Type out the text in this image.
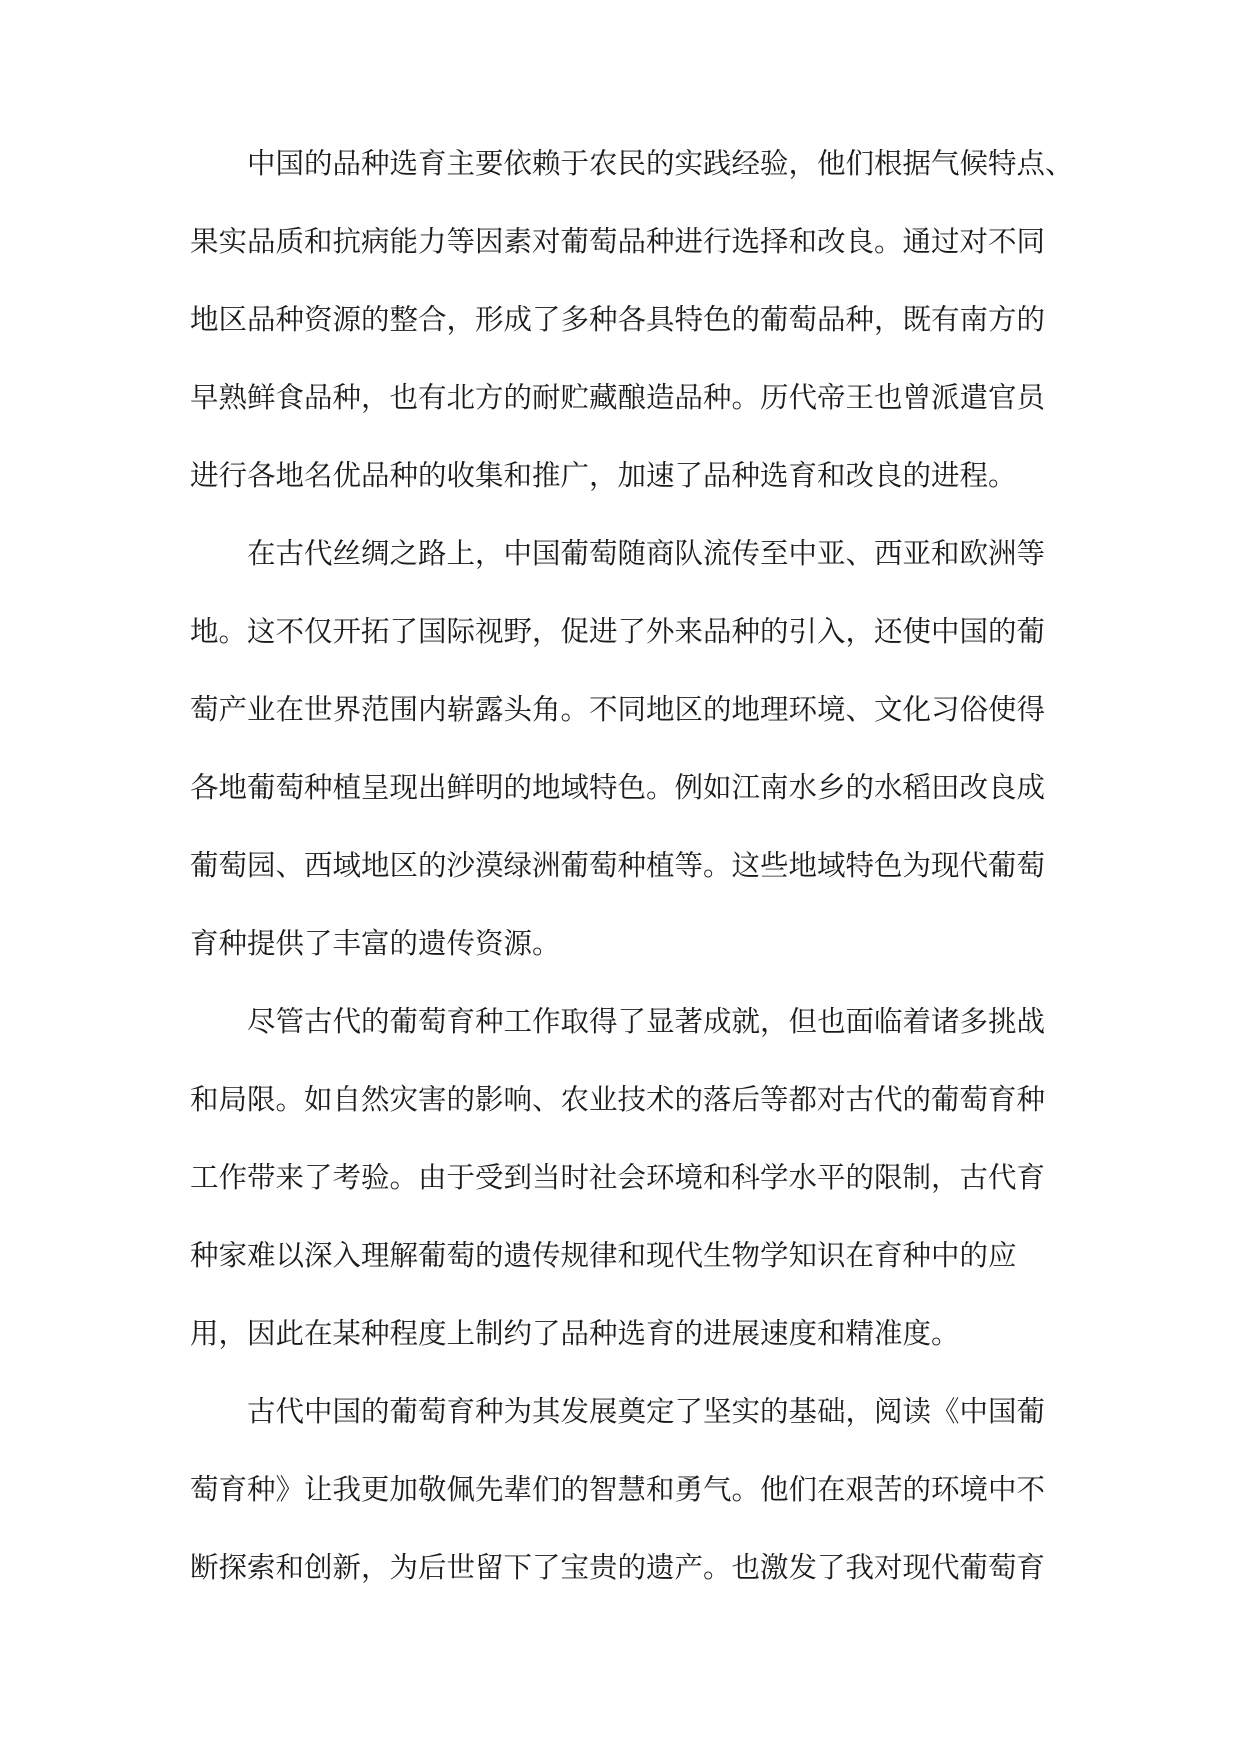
中国的品种选育主要依赖于农民的实践经验，他们根据气候特点、
果实品质和抗病能力等因素对葡萄品种进行选择和改良。通过对不同
地区品种资源的整合，形成了多种各具特色的葡萄品种，既有南方的
早熟鲜食品种，也有北方的耐贮藏酿造品种。历代帝王也曾派遣官员
进行各地名优品种的收集和推广，加速了品种选育和改良的进程。
在古代丝绸之路上，中国葡萄随商队流传至中亚、西亚和欧洲等
地。这不仅开拓了国际视野，促进了外来品种的引入，还使中国的葡
萄产业在世界范围内崭露头角。不同地区的地理环境、文化习俗使得
各地葡萄种植呈现出鲜明的地域特色。例如江南水乡的水稻田改良成
葡萄园、西域地区的沙漠绿洲葡萄种植等。这些地域特色为现代葡萄
育种提供了丰富的遗传资源。
尽管古代的葡萄育种工作取得了显著成就，但也面临着诸多挑战
和局限。如自然灾害的影响、农业技术的落后等都对古代的葡萄育种
工作带来了考验。由于受到当时社会环境和科学水平的限制，古代育
种家难以深入理解葡萄的遗传规律和现代生物学知识在育种中的应
用，因此在某种程度上制约了品种选育的进展速度和精准度。
古代中国的葡萄育种为其发展奠定了坚实的基础，阅读《中国葡
萄育种》让我更加敬佩先辈们的智慧和勇气。他们在艰苦的环境中不
断探索和创新，为后世留下了宝贵的遗产。也激发了我对现代葡萄育
